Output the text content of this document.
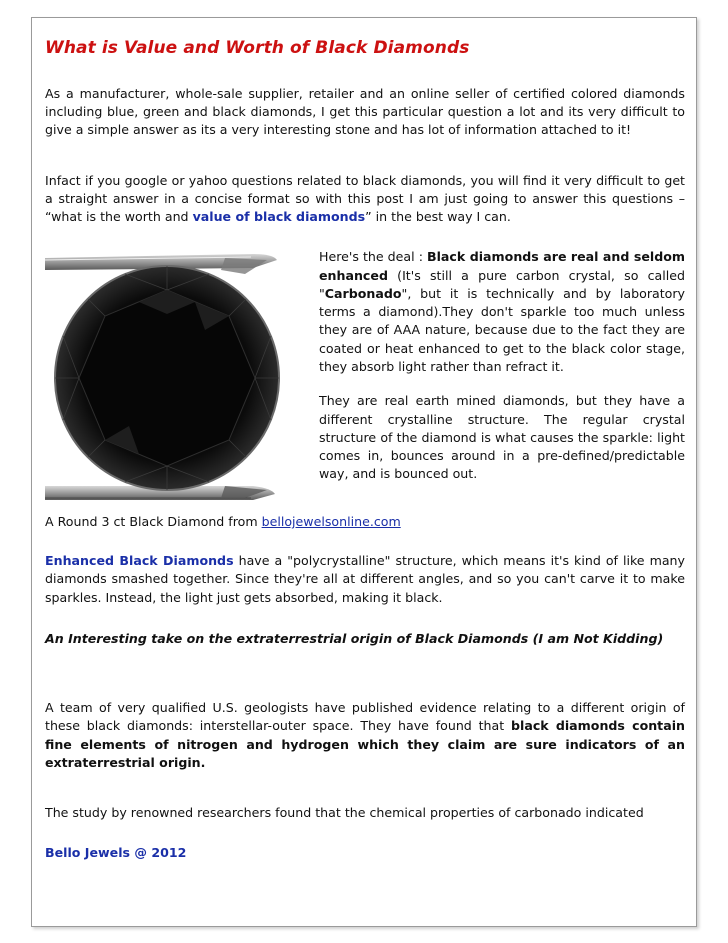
What is Value and Worth of Black Diamonds

As a manufacturer, whole-sale supplier, retailer and an online seller of certified colored diamonds including blue, green and black diamonds, I get this particular question a lot and its very difficult to give a simple answer as its a very interesting stone and has lot of information attached to it!

Infact if you google or yahoo questions related to black diamonds, you will find it very difficult to get a straight answer in a concise format so with this post I am just going to answer this questions – “what is the worth and value of black diamonds” in the best way I can.

Here's the deal : Black diamonds are real and seldom enhanced (It's still a pure carbon crystal, so called "Carbonado", but it is technically and by laboratory terms a diamond).They don't sparkle too much unless they are of AAA nature, because due to the fact they are coated or heat enhanced to get to the black color stage, they absorb light rather than refract it.

They are real earth mined diamonds, but they have a different crystalline structure. The regular crystal structure of the diamond is what causes the sparkle: light comes in, bounces around in a pre-defined/predictable way, and is bounced out.

A Round 3 ct Black Diamond from bellojewelsonline.com

Enhanced Black Diamonds have a "polycrystalline" structure, which means it's kind of like many diamonds smashed together. Since they're all at different angles, and so you can't carve it to make sparkles. Instead, the light just gets absorbed, making it black.

An Interesting take on the extraterrestrial origin of Black Diamonds (I am Not Kidding)

A team of very qualified U.S. geologists have published evidence relating to a different origin of these black diamonds: interstellar-outer space. They have found that black diamonds contain fine elements of nitrogen and hydrogen which they claim are sure indicators of an extraterrestrial origin.

The study by renowned researchers found that the chemical properties of carbonado indicated

Bello Jewels @ 2012
